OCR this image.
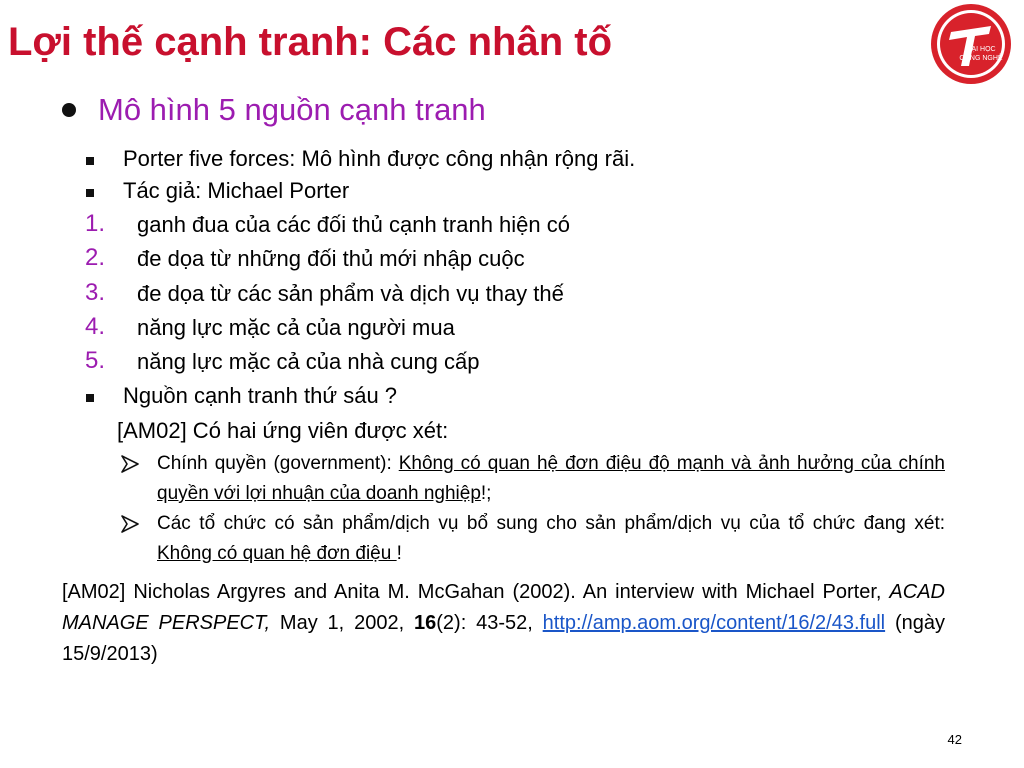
Lợi thế cạnh tranh: Các nhân tố	ĐẠI HỌC
CÔNG NGHỆ
Mô hình 5 nguồn cạnh tranh
Porter five forces: Mô hình được công nhận rộng rãi.
Tác giả: Michael Porter
1. ganh đua của các đối thủ cạnh tranh hiện có
2. đe dọa từ những đối thủ mới nhập cuộc
3. đe dọa từ các sản phẩm và dịch vụ thay thế
4. năng lực mặc cả của người mua
5. năng lực mặc cả của nhà cung cấp
Nguồn cạnh tranh thứ sáu ?
[AM02] Có hai ứng viên được xét:
Chính quyền (government): Không có quan hệ đơn điệu độ mạnh và ảnh hưởng của chính quyền với lợi nhuận của doanh nghiệp!;
Các tổ chức có sản phẩm/dịch vụ bổ sung cho sản phẩm/dịch vụ của tổ chức đang xét: Không có quan hệ đơn điệu !
[AM02] Nicholas Argyres and Anita M. McGahan (2002). An interview with Michael Porter, ACAD MANAGE PERSPECT, May 1, 2002, 16(2): 43-52, http://amp.aom.org/content/16/2/43.full (ngày 15/9/2013)
42
